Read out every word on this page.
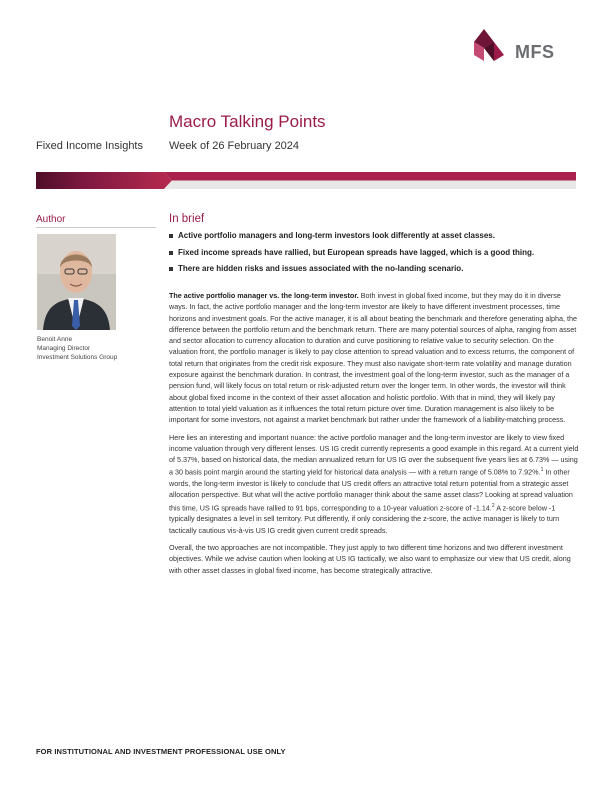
MFS
Macro Talking Points
Fixed Income Insights Week of 26 February 2024
Author
Benoit Anne
Managing Director
Investment Solutions Group
In brief
Active portfolio managers and long-term investors look differently at asset classes.
Fixed income spreads have rallied, but European spreads have lagged, which is a good thing.
There are hidden risks and issues associated with the no-landing scenario.

The active portfolio manager vs. the long-term investor. Both invest in global fixed income, but they may do it in diverse ways. In fact, the active portfolio manager and the long-term investor are likely to have different investment processes, time horizons and investment goals. For the active manager, it is all about beating the benchmark and therefore generating alpha, the difference between the portfolio return and the benchmark return. There are many potential sources of alpha, ranging from asset and sector allocation to currency allocation to duration and curve positioning to relative value to security selection. On the valuation front, the portfolio manager is likely to pay close attention to spread valuation and to excess returns, the component of total return that originates from the credit risk exposure. They must also navigate short-term rate volatility and manage duration exposure against the benchmark duration. In contrast, the investment goal of the long-term investor, such as the manager of a pension fund, will likely focus on total return or risk-adjusted return over the longer term. In other words, the investor will think about global fixed income in the context of their asset allocation and holistic portfolio. With that in mind, they will likely pay attention to total yield valuation as it influences the total return picture over time. Duration management is also likely to be important for some investors, not against a market benchmark but rather under the framework of a liability-matching process.

Here lies an interesting and important nuance: the active portfolio manager and the long-term investor are likely to view fixed income valuation through very different lenses. US IG credit currently represents a good example in this regard. At a current yield of 5.37%, based on historical data, the median annualized return for US IG over the subsequent five years lies at 6.73% — using a 30 basis point margin around the starting yield for historical data analysis — with a return range of 5.08% to 7.92%.$^1$ In other words, the long-term investor is likely to conclude that US credit offers an attractive total return potential from a strategic asset allocation perspective. But what will the active portfolio manager think about the same asset class? Looking at spread valuation this time, US IG spreads have rallied to 91 bps, corresponding to a 10-year valuation z-score of -1.14.$^2$ A z-score below -1 typically designates a level in sell territory. Put differently, if only considering the z-score, the active manager is likely to turn tactically cautious vis-à-vis US IG credit given current credit spreads.

Overall, the two approaches are not incompatible. They just apply to two different time horizons and two different investment objectives. While we advise caution when looking at US IG tactically, we also want to emphasize our view that US credit, along with other asset classes in global fixed income, has become strategically attractive.

FOR INSTITUTIONAL AND INVESTMENT PROFESSIONAL USE ONLY
